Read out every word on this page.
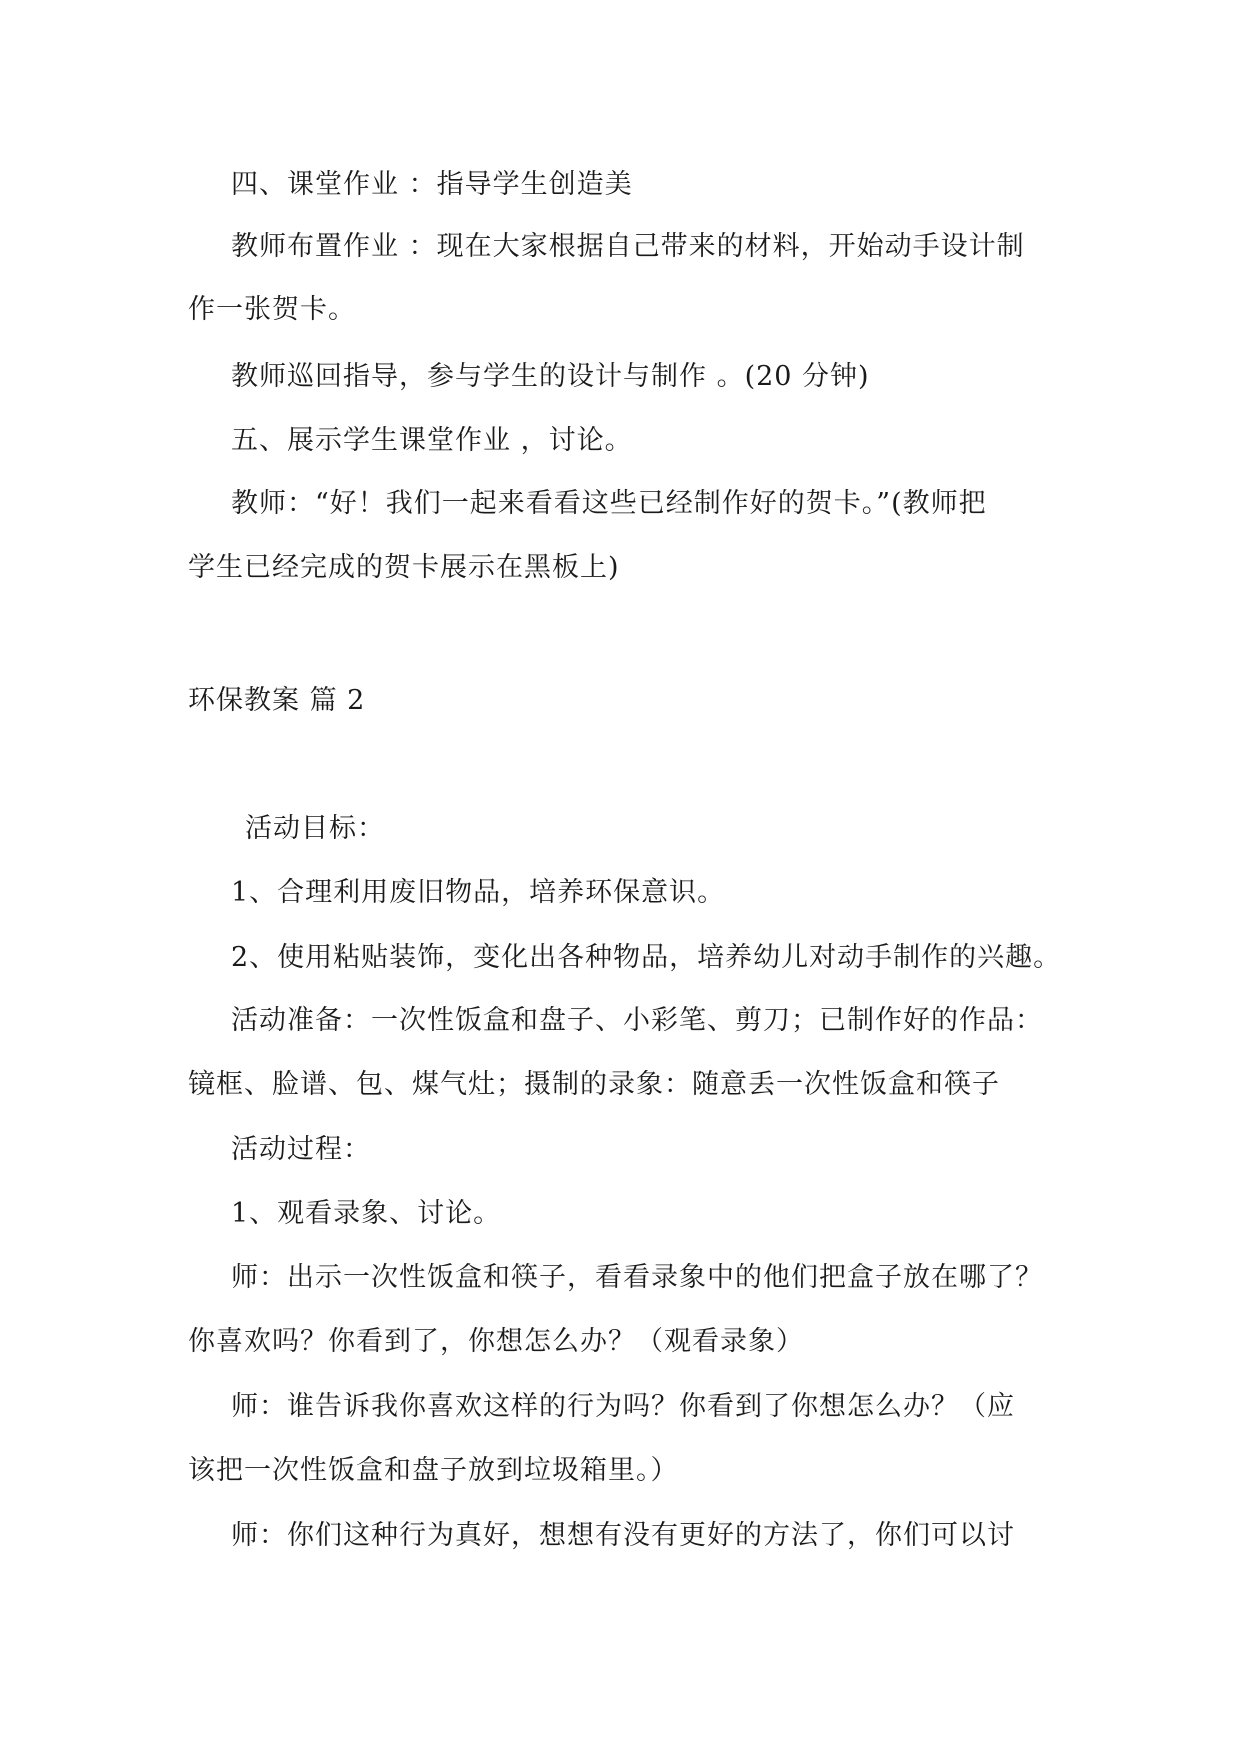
四、课堂作业 ：指导学生创造美
教师布置作业 ：现在大家根据自己带来的材料，开始动手设计制
作一张贺卡。
教师巡回指导，参与学生的设计与制作 。(20 分钟)
五、展示学生课堂作业 ，讨论。
教师：“好！我们一起来看看这些已经制作好的贺卡。”(教师把
学生已经完成的贺卡展示在黑板上)
环保教案 篇 2
活动目标：
1、合理利用废旧物品，培养环保意识。
2、使用粘贴装饰，变化出各种物品，培养幼儿对动手制作的兴趣。
活动准备：一次性饭盒和盘子、小彩笔、剪刀；已制作好的作品：
镜框、脸谱、包、煤气灶；摄制的录象：随意丢一次性饭盒和筷子
活动过程：
1、观看录象、讨论。
师：出示一次性饭盒和筷子，看看录象中的他们把盒子放在哪了？
你喜欢吗？你看到了，你想怎么办？（观看录象）
师：谁告诉我你喜欢这样的行为吗？你看到了你想怎么办？（应
该把一次性饭盒和盘子放到垃圾箱里。）
师：你们这种行为真好，想想有没有更好的方法了，你们可以讨
